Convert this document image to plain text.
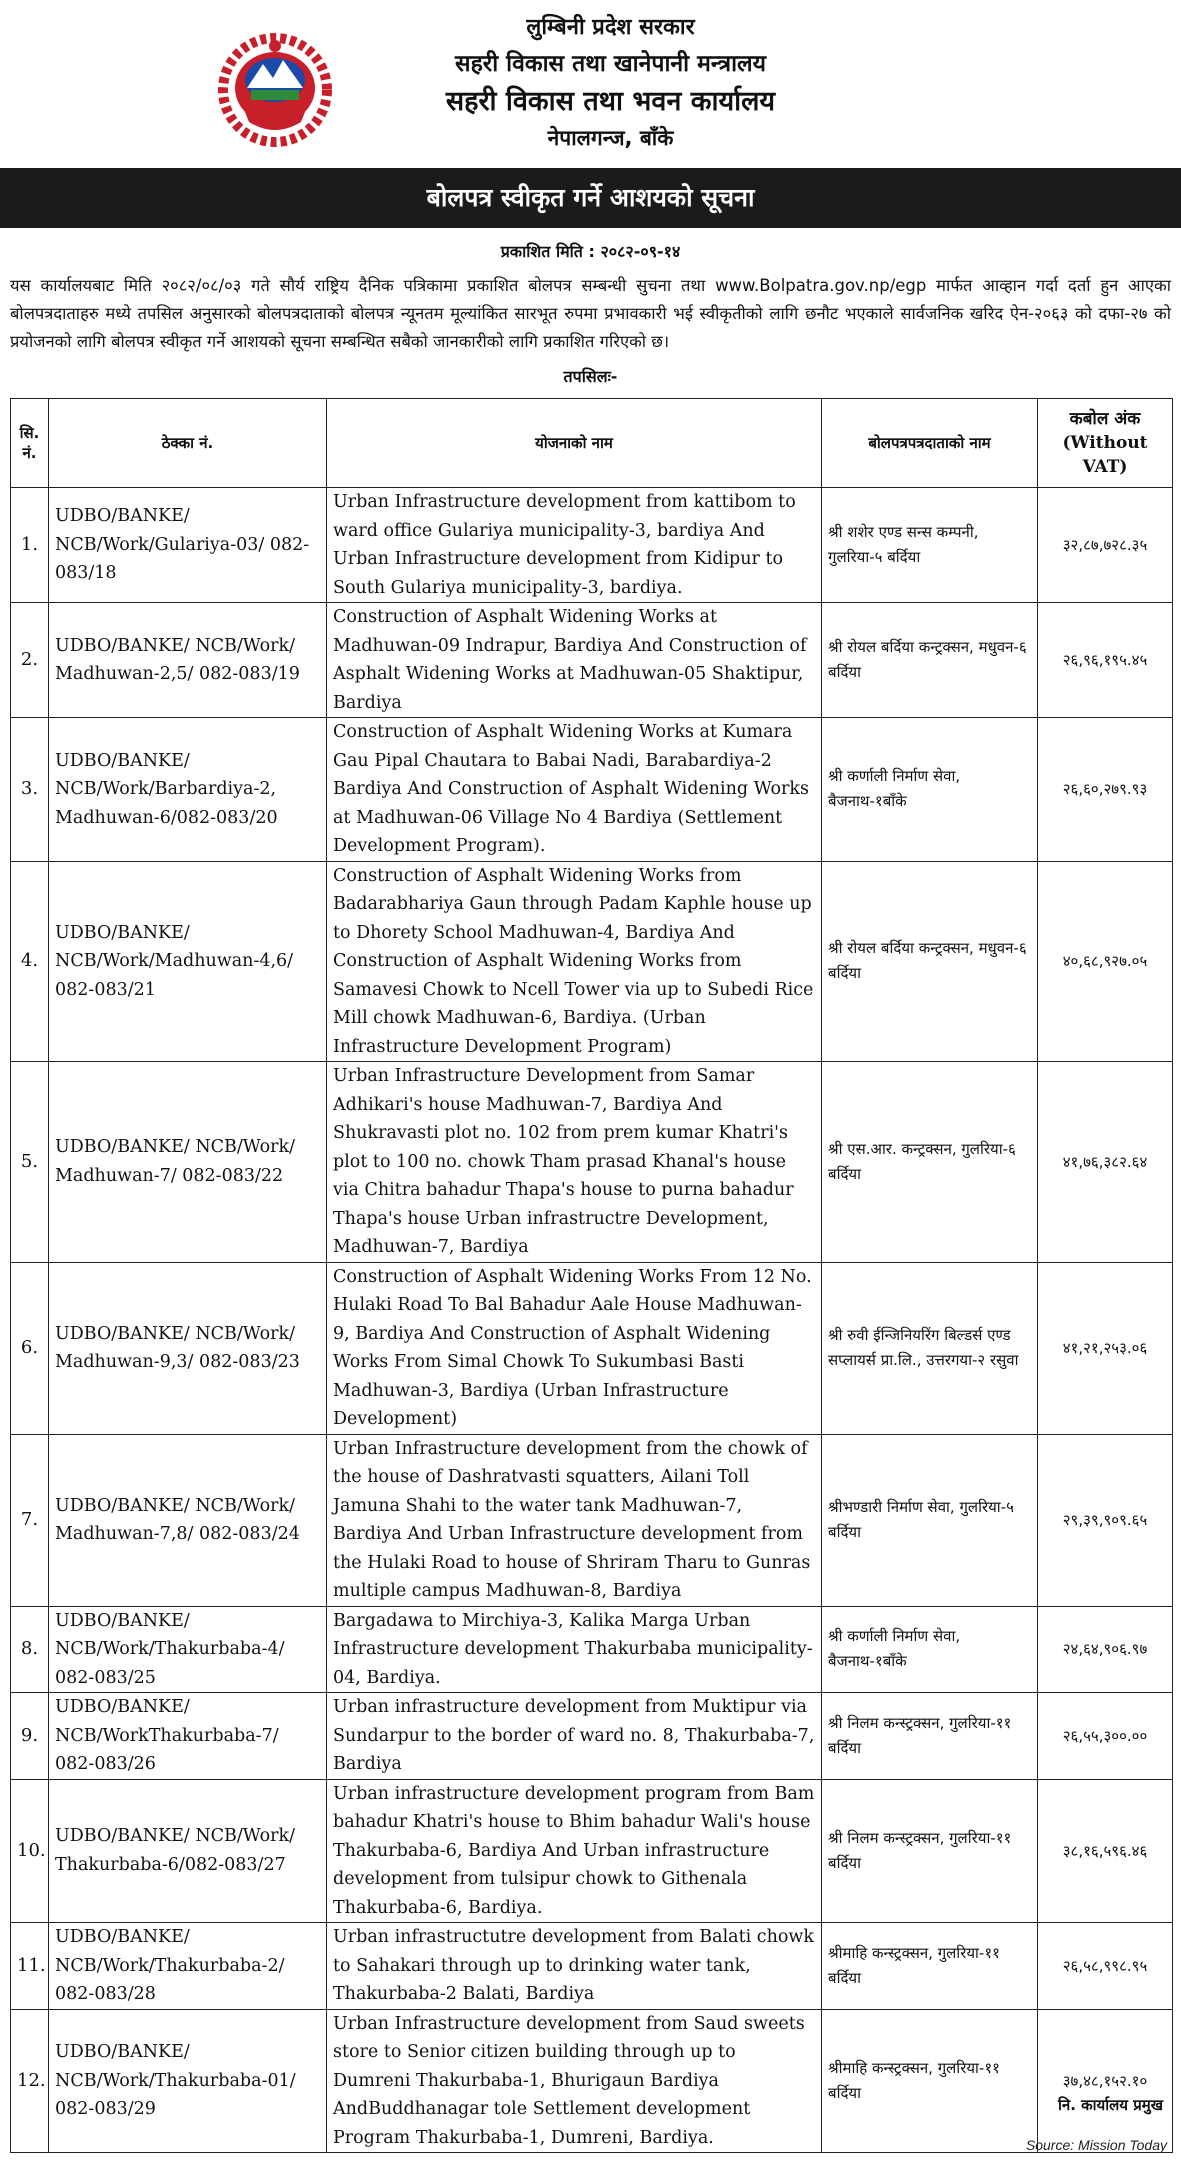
लुम्बिनी प्रदेश सरकार
सहरी विकास तथा खानेपानी मन्त्रालय
सहरी विकास तथा भवन कार्यालय
नेपालगन्ज, बाँके
बोलपत्र स्वीकृत गर्ने आशयको सूचना
प्रकाशित मिति : २०८२-०९-१४
यस कार्यालयबाट मिति २०८२/०८/०३ गते सौर्य राष्ट्रिय दैनिक पत्रिकामा प्रकाशित बोलपत्र सम्बन्धी सुचना तथा www.Bolpatra.gov.np/egp मार्फत आव्हान गर्दा दर्ता हुन आएका बोलपत्रदाताहरु मध्ये तपसिल अनुसारको बोलपत्रदाताको बोलपत्र न्यूनतम मूल्यांकित सारभूत रुपमा प्रभावकारी भई स्वीकृतीको लागि छनौट भएकाले सार्वजनिक खरिद ऐन-२०६३ को दफा-२७ को प्रयोजनको लागि बोलपत्र स्वीकृत गर्ने आशयको सूचना सम्बन्धित सबैको जानकारीको लागि प्रकाशित गरिएको छ।
तपसिलः-
सि. नं.	ठेक्का नं.	योजनाको नाम	बोलपत्रपत्रदाताको नाम	कबोल अंक (Without VAT)
1.	UDBO/BANKE/ NCB/Work/Gulariya-03/ 082-083/18	Urban Infrastructure development from kattibom to ward office Gulariya municipality-3, bardiya And Urban Infrastructure development from Kidipur to South Gulariya municipality-3, bardiya.	श्री शशेर एण्ड सन्स कम्पनी, गुलरिया-५ बर्दिया	३२,८७,७२८.३५
2.	UDBO/BANKE/ NCB/Work/ Madhuwan-2,5/ 082-083/19	Construction of Asphalt Widening Works at Madhuwan-09 Indrapur, Bardiya And Construction of Asphalt Widening Works at Madhuwan-05 Shaktipur, Bardiya	श्री रोयल बर्दिया कन्ट्रक्सन, मधुवन-६ बर्दिया	२६,९६,१९५.४५
3.	UDBO/BANKE/ NCB/Work/Barbardiya-2, Madhuwan-6/082-083/20	Construction of Asphalt Widening Works at Kumara Gau Pipal Chautara to Babai Nadi, Barabardiya-2 Bardiya And Construction of Asphalt Widening Works at Madhuwan-06 Village No 4 Bardiya (Settlement Development Program).	श्री कर्णाली निर्माण सेवा, बैजनाथ-१बाँके	२६,६०,२७९.९३
4.	UDBO/BANKE/ NCB/Work/Madhuwan-4,6/ 082-083/21	Construction of Asphalt Widening Works from Badarabhariya Gaun through Padam Kaphle house up to Dhorety School Madhuwan-4, Bardiya And Construction of Asphalt Widening Works from Samavesi Chowk to Ncell Tower via up to Subedi Rice Mill chowk Madhuwan-6, Bardiya. (Urban Infrastructure Development Program)	श्री रोयल बर्दिया कन्ट्रक्सन, मधुवन-६ बर्दिया	४०,६८,९२७.०५
5.	UDBO/BANKE/ NCB/Work/ Madhuwan-7/ 082-083/22	Urban Infrastructure Development from Samar Adhikari's house Madhuwan-7, Bardiya And Shukravasti plot no. 102 from prem kumar Khatri's plot to 100 no. chowk Tham prasad Khanal's house via Chitra bahadur Thapa's house to purna bahadur Thapa's house Urban infrastructre Development, Madhuwan-7, Bardiya	श्री एस.आर. कन्ट्रक्सन, गुलरिया-६ बर्दिया	४१,७६,३८२.६४
6.	UDBO/BANKE/ NCB/Work/ Madhuwan-9,3/ 082-083/23	Construction of Asphalt Widening Works From 12 No. Hulaki Road To Bal Bahadur Aale House Madhuwan-9, Bardiya And Construction of Asphalt Widening Works From Simal Chowk To Sukumbasi Basti Madhuwan-3, Bardiya (Urban Infrastructure Development)	श्री रुवी ईन्जिनियरिंग बिल्डर्स एण्ड सप्लायर्स प्रा.लि., उत्तरगया-२ रसुवा	४१,२१,२५३.०६
7.	UDBO/BANKE/ NCB/Work/ Madhuwan-7,8/ 082-083/24	Urban Infrastructure development from the chowk of the house of Dashratvasti squatters, Ailani Toll Jamuna Shahi to the water tank Madhuwan-7, Bardiya And Urban Infrastructure development from the Hulaki Road to house of Shriram Tharu to Gunras multiple campus Madhuwan-8, Bardiya	श्रीभण्डारी निर्माण सेवा, गुलरिया-५ बर्दिया	२९,३९,९०९.६५
8.	UDBO/BANKE/ NCB/Work/Thakurbaba-4/ 082-083/25	Bargadawa to Mirchiya-3, Kalika Marga Urban Infrastructure development Thakurbaba municipality-04, Bardiya.	श्री कर्णाली निर्माण सेवा, बैजनाथ-१बाँके	२४,६४,९०६.९७
9.	UDBO/BANKE/ NCB/WorkThakurbaba-7/ 082-083/26	Urban infrastructure development from Muktipur via Sundarpur to the border of ward no. 8, Thakurbaba-7, Bardiya	श्री निलम कन्स्ट्रक्सन, गुलरिया-११ बर्दिया	२६,५५,३००.००
10.	UDBO/BANKE/ NCB/Work/ Thakurbaba-6/082-083/27	Urban infrastructure development program from Bam bahadur Khatri's house to Bhim bahadur Wali's house Thakurbaba-6, Bardiya And Urban infrastructure development from tulsipur chowk to Githenala Thakurbaba-6, Bardiya.	श्री निलम कन्स्ट्रक्सन, गुलरिया-११ बर्दिया	३८,१६,५९६.४६
11.	UDBO/BANKE/ NCB/Work/Thakurbaba-2/ 082-083/28	Urban infrastructutre development from Balati chowk to Sahakari through up to drinking water tank, Thakurbaba-2 Balati, Bardiya	श्रीमाहि कन्स्ट्रक्सन, गुलरिया-११ बर्दिया	२६,५८,९९८.९५
12.	UDBO/BANKE/ NCB/Work/Thakurbaba-01/ 082-083/29	Urban Infrastructure development from Saud sweets store to Senior citizen building through up to Dumreni Thakurbaba-1, Bhurigaun Bardiya AndBuddhanagar tole Settlement development Program Thakurbaba-1, Dumreni, Bardiya.	श्रीमाहि कन्स्ट्रक्सन, गुलरिया-११ बर्दिया	३७,४८,१५२.१०
नि. कार्यालय प्रमुख
Source: Mission Today
